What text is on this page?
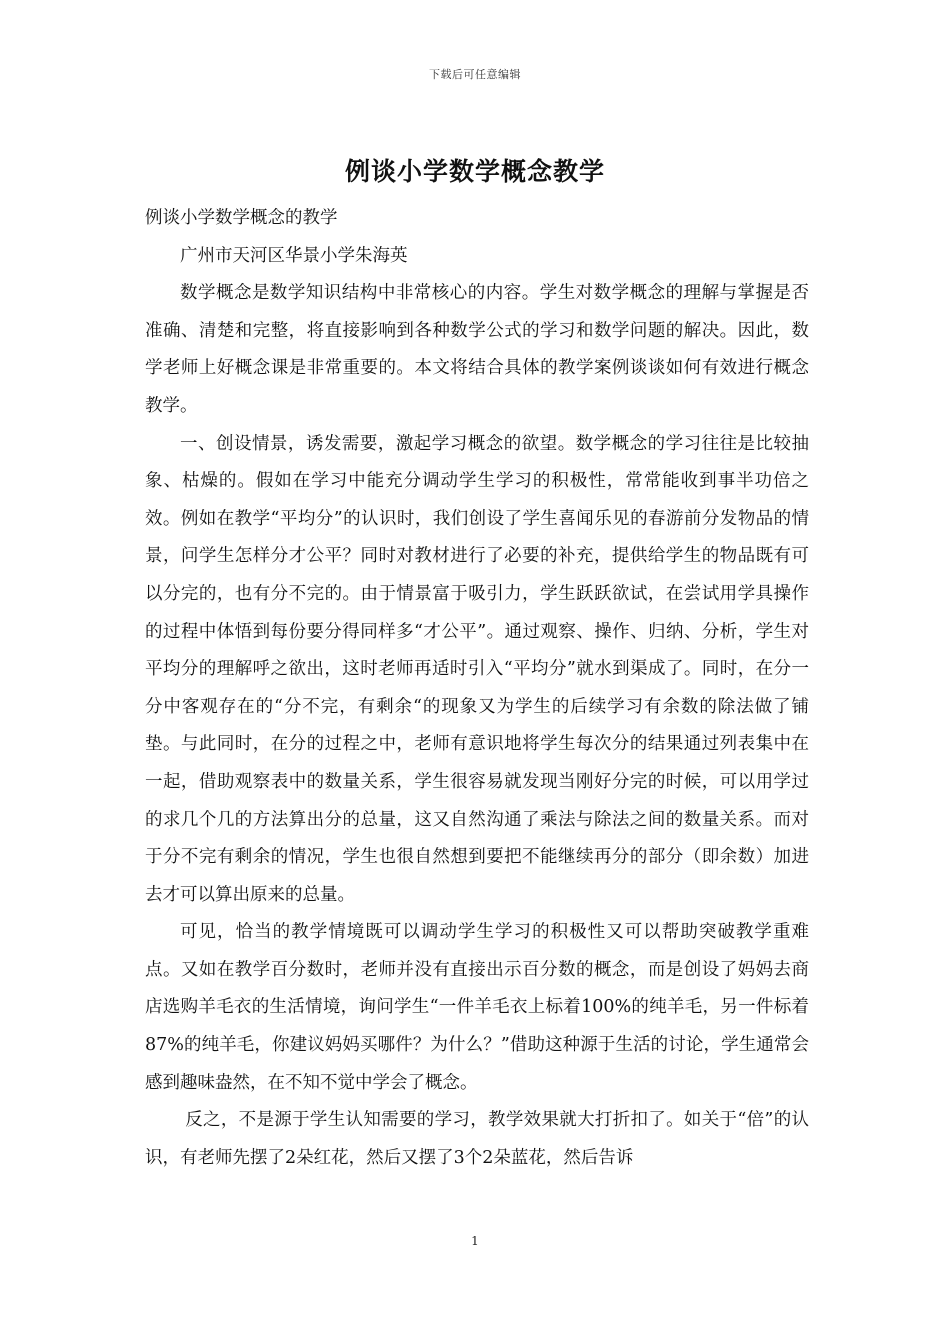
下载后可任意编辑
例谈小学数学概念教学

例谈小学数学概念的教学

广州市天河区华景小学朱海英

数学概念是数学知识结构中非常核心的内容。学生对数学概念的理解与掌握是否准确、清楚和完整，将直接影响到各种数学公式的学习和数学问题的解决。因此，数学老师上好概念课是非常重要的。本文将结合具体的教学案例谈谈如何有效进行概念教学。

一、创设情景，诱发需要，激起学习概念的欲望。数学概念的学习往往是比较抽象、枯燥的。假如在学习中能充分调动学生学习的积极性，常常能收到事半功倍之效。例如在教学“平均分”的认识时，我们创设了学生喜闻乐见的春游前分发物品的情景，问学生怎样分才公平？同时对教材进行了必要的补充，提供给学生的物品既有可以分完的，也有分不完的。由于情景富于吸引力，学生跃跃欲试，在尝试用学具操作的过程中体悟到每份要分得同样多“才公平”。通过观察、操作、归纳、分析，学生对平均分的理解呼之欲出，这时老师再适时引入“平均分”就水到渠成了。同时，在分一分中客观存在的“分不完，有剩余“的现象又为学生的后续学习有余数的除法做了铺垫。与此同时，在分的过程之中，老师有意识地将学生每次分的结果通过列表集中在一起，借助观察表中的数量关系，学生很容易就发现当刚好分完的时候，可以用学过的求几个几的方法算出分的总量，这又自然沟通了乘法与除法之间的数量关系。而对于分不完有剩余的情况，学生也很自然想到要把不能继续再分的部分（即余数）加进去才可以算出原来的总量。

可见，恰当的教学情境既可以调动学生学习的积极性又可以帮助突破教学重难点。又如在教学百分数时，老师并没有直接出示百分数的概念，而是创设了妈妈去商店选购羊毛衣的生活情境，询问学生“一件羊毛衣上标着100%的纯羊毛，另一件标着87%的纯羊毛，你建议妈妈买哪件？为什么？”借助这种源于生活的讨论，学生通常会感到趣味盎然，在不知不觉中学会了概念。

反之，不是源于学生认知需要的学习，教学效果就大打折扣了。如关于“倍”的认识，有老师先摆了2朵红花，然后又摆了3个2朵蓝花，然后告诉

1
